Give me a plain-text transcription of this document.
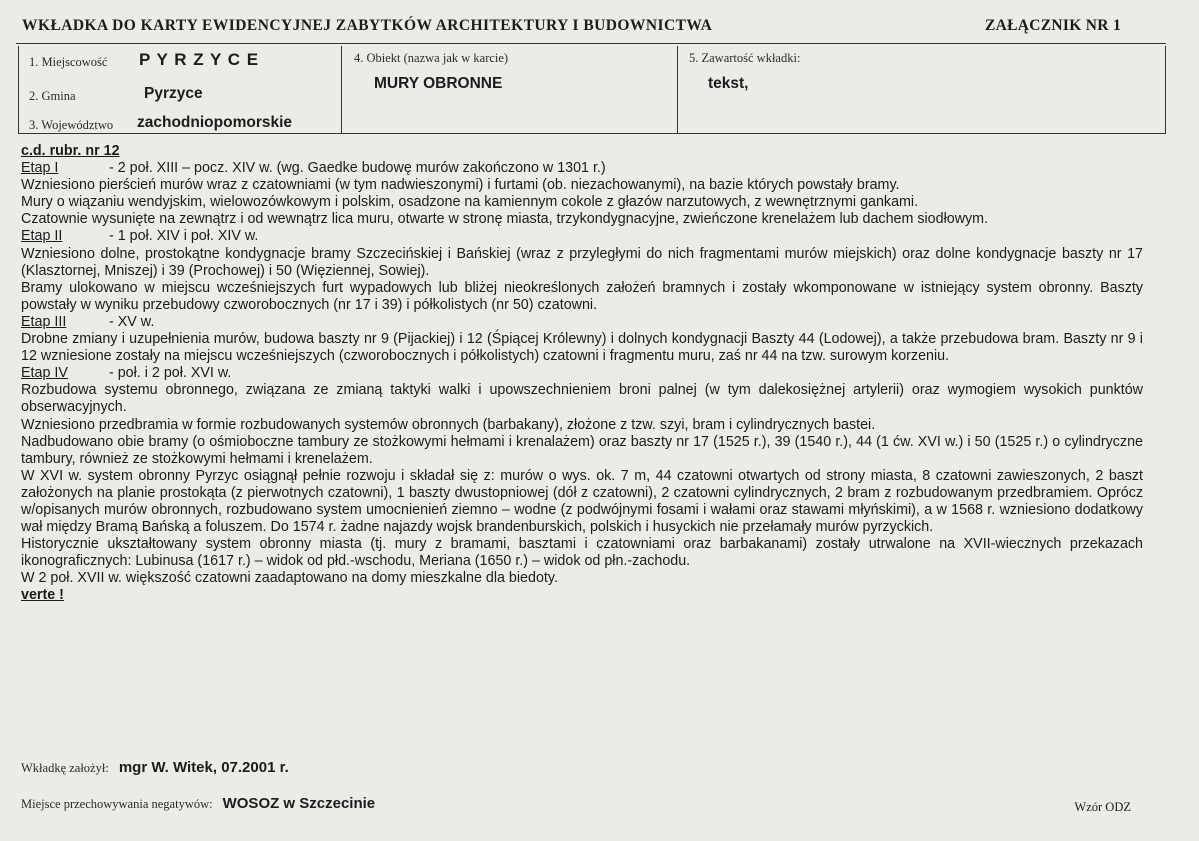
WKŁADKA DO KARTY EWIDENCYJNEJ ZABYTKÓW ARCHITEKTURY I BUDOWNICTWA	ZAŁĄCZNIK NR 1
1. Miejscowość P Y R Z Y C E
2. Gmina	Pyrzyce
3. Województwo zachodniopomorskie
4. Obiekt (nazwa jak w karcie)
MURY OBRONNE
5. Zawartość wkładki:
tekst,

c.d. rubr. nr 12

Etap I	- 2 poł. XIII – pocz. XIV w. (wg. Gaedke budowę murów zakończono w 1301 r.)

Wzniesiono pierścień murów wraz z czatowniami (w tym nadwieszonymi) i furtami (ob. niezachowanymi), na bazie których powstały bramy.

Mury o wiązaniu wendyjskim, wielowozówkowym i polskim, osadzone na kamiennym cokole z głazów narzutowych, z wewnętrznymi gankami.

Czatownie wysunięte na zewnątrz i od wewnątrz lica muru, otwarte w stronę miasta, trzykondygnacyjne, zwieńczone krenelażem lub dachem siodłowym.

Etap II	- 1 poł. XIV i poł. XIV w.

Wzniesiono dolne, prostokątne kondygnacje bramy Szczecińskiej i Bańskiej (wraz z przyległymi do nich fragmentami murów miejskich) oraz dolne kondygnacje baszty nr 17 (Klasztornej, Mniszej) i 39 (Prochowej) i 50 (Więziennej, Sowiej).

Bramy ulokowano w miejscu wcześniejszych furt wypadowych lub bliżej nieokreślonych założeń bramnych i zostały wkomponowane w istniejący system obronny. Baszty powstały w wyniku przebudowy czworobocznych (nr 17 i 39) i półkolistych (nr 50) czatowni.

Etap III	- XV w.

Drobne zmiany i uzupełnienia murów, budowa baszty nr 9 (Pijackiej) i 12 (Śpiącej Królewny) i dolnych kondygnacji Baszty 44 (Lodowej), a także przebudowa bram. Baszty nr 9 i 12 wzniesione zostały na miejscu wcześniejszych (czworobocznych i półkolistych) czatowni i fragmentu muru, zaś nr 44 na tzw. surowym korzeniu.

Etap IV	- poł. i 2 poł. XVI w.

Rozbudowa systemu obronnego, związana ze zmianą taktyki walki i upowszechnieniem broni palnej (w tym dalekosiężnej artylerii) oraz wymogiem wysokich punktów obserwacyjnych.

Wzniesiono przedbramia w formie rozbudowanych systemów obronnych (barbakany), złożone z tzw. szyi, bram i cylindrycznych bastei.

Nadbudowano obie bramy (o ośmioboczne tambury ze stożkowymi hełmami i krenalażem) oraz baszty nr 17 (1525 r.), 39 (1540 r.), 44 (1 ćw. XVI w.) i 50 (1525 r.) o cylindryczne tambury, również ze stożkowymi hełmami i krenelażem.

W XVI w. system obronny Pyrzyc osiągnął pełnie rozwoju i składał się z: murów o wys. ok. 7 m, 44 czatowni otwartych od strony miasta, 8 czatowni zawieszonych, 2 baszt założonych na planie prostokąta (z pierwotnych czatowni), 1 baszty dwustopniowej (dół z czatowni), 2 czatowni cylindrycznych, 2 bram z rozbudowanym przedbramiem. Oprócz w/opisanych murów obronnych, rozbudowano system umocnienień ziemno – wodne (z podwójnymi fosami i wałami oraz stawami młyńskimi), a w 1568 r. wzniesiono dodatkowy wał między Bramą Bańską a foluszem. Do 1574 r. żadne najazdy wojsk brandenburskich, polskich i husyckich nie przełamały murów pyrzyckich.

Historycznie ukształtowany system obronny miasta (tj. mury z bramami, basztami i czatowniami oraz barbakanami) zostały utrwalone na XVII-wiecznych przekazach ikonograficznych: Lubinusa (1617 r.) – widok od płd.-wschodu, Meriana (1650 r.) – widok od płn.-zachodu.

W 2 poł. XVII w. większość czatowni zaadaptowano na domy mieszkalne dla biedoty.

verte !

Wkładkę założył: mgr W. Witek, 07.2001 r.
Miejsce przechowywania negatywów: WOSOZ w Szczecinie	Wzór ODZ
